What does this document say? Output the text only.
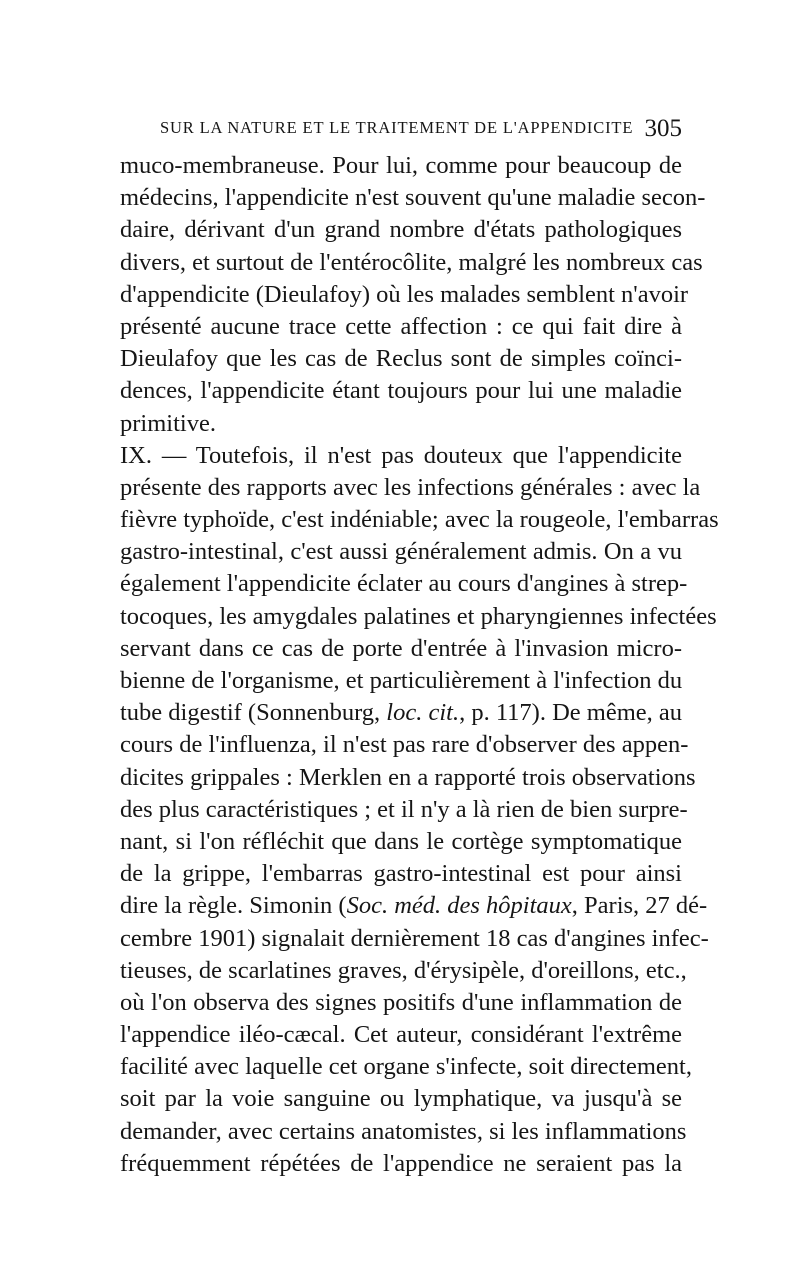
SUR LA NATURE ET LE TRAITEMENT DE L'APPENDICITE 305
muco-membraneuse. Pour lui, comme pour beaucoup de
médecins, l'appendicite n'est souvent qu'une maladie secon-
daire, dérivant d'un grand nombre d'états pathologiques
divers, et surtout de l'entérocôlite, malgré les nombreux cas
d'appendicite (Dieulafoy) où les malades semblent n'avoir
présenté aucune trace cette affection : ce qui fait dire à
Dieulafoy que les cas de Reclus sont de simples coïnci-
dences, l'appendicite étant toujours pour lui une maladie
primitive.
IX. — Toutefois, il n'est pas douteux que l'appendicite
présente des rapports avec les infections générales : avec la
fièvre typhoïde, c'est indéniable; avec la rougeole, l'embarras
gastro-intestinal, c'est aussi généralement admis. On a vu
également l'appendicite éclater au cours d'angines à strep-
tocoques, les amygdales palatines et pharyngiennes infectées
servant dans ce cas de porte d'entrée à l'invasion micro-
bienne de l'organisme, et particulièrement à l'infection du
tube digestif (Sonnenburg, loc. cit., p. 117). De même, au
cours de l'influenza, il n'est pas rare d'observer des appen-
dicites grippales : Merklen en a rapporté trois observations
des plus caractéristiques ; et il n'y a là rien de bien surpre-
nant, si l'on réfléchit que dans le cortège symptomatique
de la grippe, l'embarras gastro-intestinal est pour ainsi
dire la règle. Simonin (Soc. méd. des hôpitaux, Paris, 27 dé-
cembre 1901) signalait dernièrement 18 cas d'angines infec-
tieuses, de scarlatines graves, d'érysipèle, d'oreillons, etc.,
où l'on observa des signes positifs d'une inflammation de
l'appendice iléo-cæcal. Cet auteur, considérant l'extrême
facilité avec laquelle cet organe s'infecte, soit directement,
soit par la voie sanguine ou lymphatique, va jusqu'à se
demander, avec certains anatomistes, si les inflammations
fréquemment répétées de l'appendice ne seraient pas la
